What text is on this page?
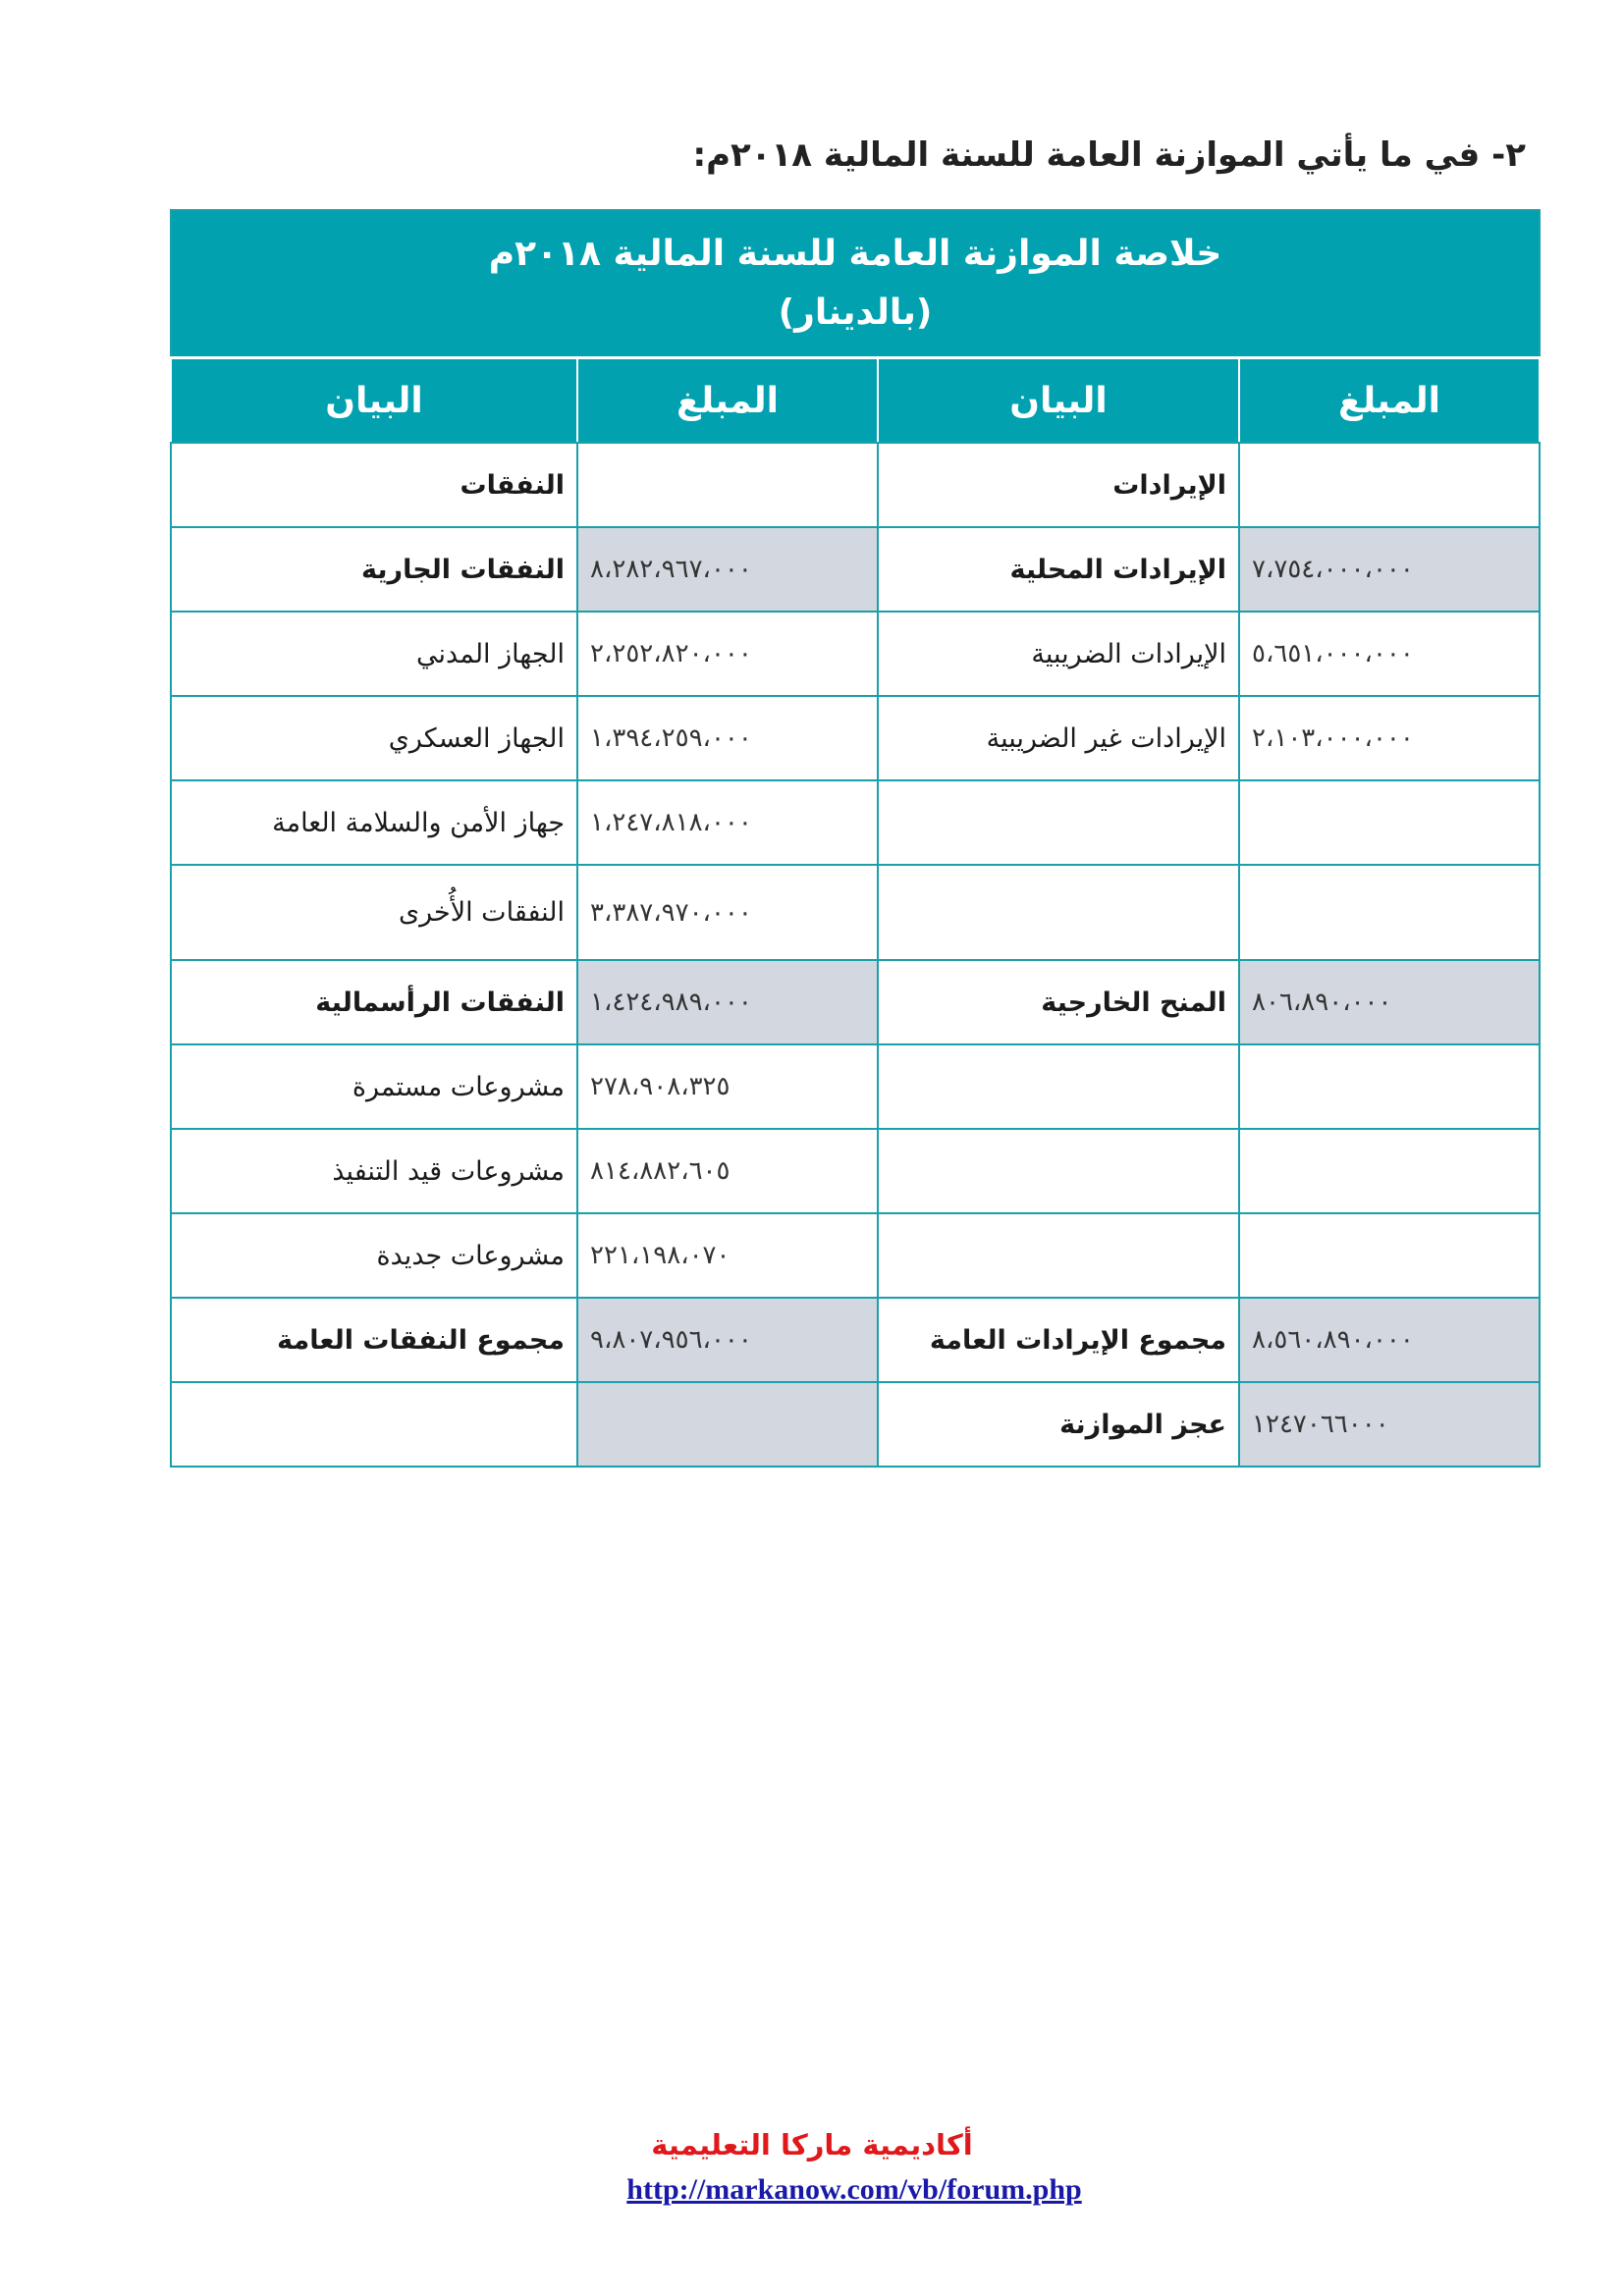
٢- في ما يأتي الموازنة العامة للسنة المالية ٢٠١٨م:
خلاصة الموازنة العامة للسنة المالية ٢٠١٨م
(بالدينار)			

المبلغ	البيان	المبلغ	البيان
	الإيرادات		النفقات
٧،٧٥٤،٠٠٠،٠٠٠	الإيرادات المحلية	٨،٢٨٢،٩٦٧،٠٠٠	النفقات الجارية
٥،٦٥١،٠٠٠،٠٠٠	الإيرادات الضريبية	٢،٢٥٢،٨٢٠،٠٠٠	الجهاز المدني
٢،١٠٣،٠٠٠،٠٠٠	الإيرادات غير الضريبية	١،٣٩٤،٢٥٩،٠٠٠	الجهاز العسكري
		١،٢٤٧،٨١٨،٠٠٠	جهاز الأمن والسلامة العامة
		٣،٣٨٧،٩٧٠،٠٠٠	النفقات الأُخرى
٨٠٦،٨٩٠،٠٠٠	المنح الخارجية	١،٤٢٤،٩٨٩،٠٠٠	النفقات الرأسمالية
		٢٧٨،٩٠٨،٣٢٥	مشروعات مستمرة
		٨١٤،٨٨٢،٦٠٥	مشروعات قيد التنفيذ
		٢٢١،١٩٨،٠٧٠	مشروعات جديدة
٨،٥٦٠،٨٩٠،٠٠٠	مجموع الإيرادات العامة	٩،٨٠٧،٩٥٦،٠٠٠	مجموع النفقات العامة
١٢٤٧٠٦٦٠٠٠	عجز الموازنة		
أكاديمية ماركا التعليمية
http://markanow.com/vb/forum.php
